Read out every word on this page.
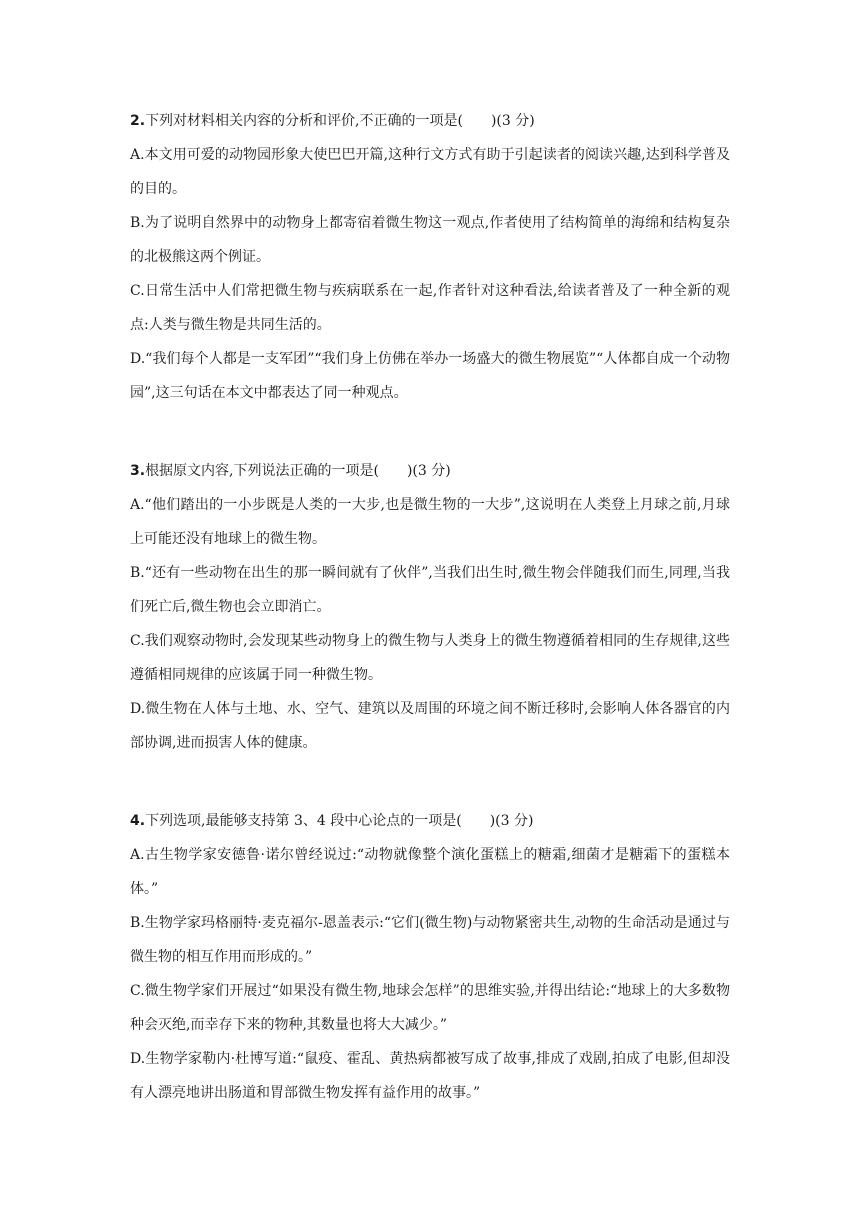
2.下列对材料相关内容的分析和评价,不正确的一项是(　　)(3 分)
A.本文用可爱的动物园形象大使巴巴开篇,这种行文方式有助于引起读者的阅读兴趣,达到科学普及的目的。
B.为了说明自然界中的动物身上都寄宿着微生物这一观点,作者使用了结构简单的海绵和结构复杂的北极熊这两个例证。
C.日常生活中人们常把微生物与疾病联系在一起,作者针对这种看法,给读者普及了一种全新的观点:人类与微生物是共同生活的。
D.“我们每个人都是一支军团”“我们身上仿佛在举办一场盛大的微生物展览”“人体都自成一个动物园”,这三句话在本文中都表达了同一种观点。
3.根据原文内容,下列说法正确的一项是(　　)(3 分)
A.“他们踏出的一小步既是人类的一大步,也是微生物的一大步”,这说明在人类登上月球之前,月球上可能还没有地球上的微生物。
B.“还有一些动物在出生的那一瞬间就有了伙伴”,当我们出生时,微生物会伴随我们而生,同理,当我们死亡后,微生物也会立即消亡。
C.我们观察动物时,会发现某些动物身上的微生物与人类身上的微生物遵循着相同的生存规律,这些遵循相同规律的应该属于同一种微生物。
D.微生物在人体与土地、水、空气、建筑以及周围的环境之间不断迁移时,会影响人体各器官的内部协调,进而损害人体的健康。
4.下列选项,最能够支持第 3、4 段中心论点的一项是(　　)(3 分)
A.古生物学家安德鲁·诺尔曾经说过:“动物就像整个演化蛋糕上的糖霜,细菌才是糖霜下的蛋糕本体。”
B.生物学家玛格丽特·麦克福尔-恩盖表示:“它们(微生物)与动物紧密共生,动物的生命活动是通过与微生物的相互作用而形成的。”
C.微生物学家们开展过“如果没有微生物,地球会怎样”的思维实验,并得出结论:“地球上的大多数物种会灭绝,而幸存下来的物种,其数量也将大大减少。”
D.生物学家勒内·杜博写道:“鼠疫、霍乱、黄热病都被写成了故事,排成了戏剧,拍成了电影,但却没有人漂亮地讲出肠道和胃部微生物发挥有益作用的故事。”
